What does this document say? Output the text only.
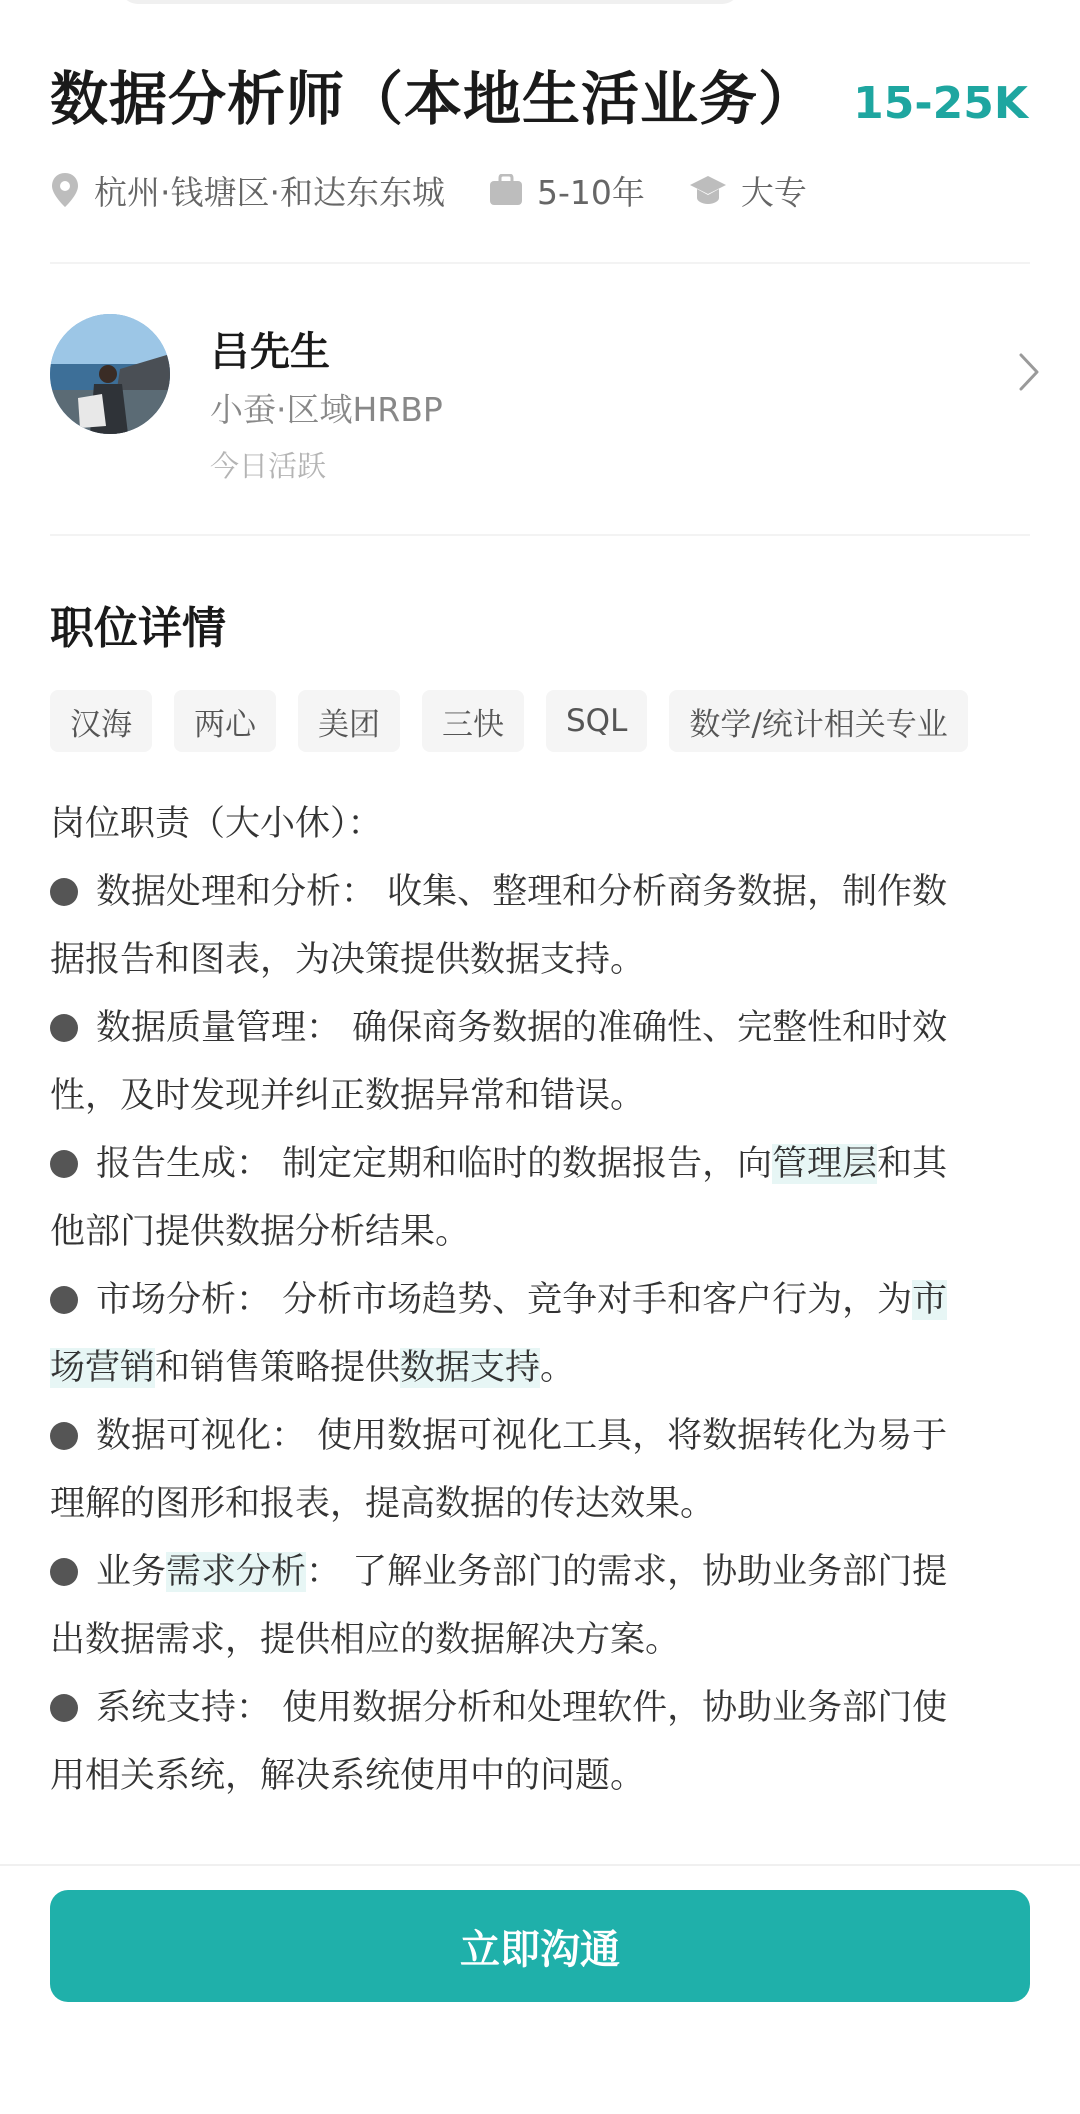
数据分析师（本地生活业务） 15-25K
杭州·钱塘区·和达东东城	5-10年	大专
吕先生
小蚕·区域HRBP
今日活跃
职位详情
汉海	两心	美团	三快	SQL	数学/统计相关专业

岗位职责（大小休）：

数据处理和分析： 收集、整理和分析商务数据，制作数

据报告和图表，为决策提供数据支持。

数据质量管理： 确保商务数据的准确性、完整性和时效

性，及时发现并纠正数据异常和错误。

报告生成： 制定定期和临时的数据报告，向管理层和其

他部门提供数据分析结果。

市场分析： 分析市场趋势、竞争对手和客户行为，为市

场营销和销售策略提供数据支持。

数据可视化： 使用数据可视化工具，将数据转化为易于

理解的图形和报表，提高数据的传达效果。

业务需求分析： 了解业务部门的需求，协助业务部门提

出数据需求，提供相应的数据解决方案。

系统支持： 使用数据分析和处理软件，协助业务部门使

用相关系统，解决系统使用中的问题。

立即沟通
